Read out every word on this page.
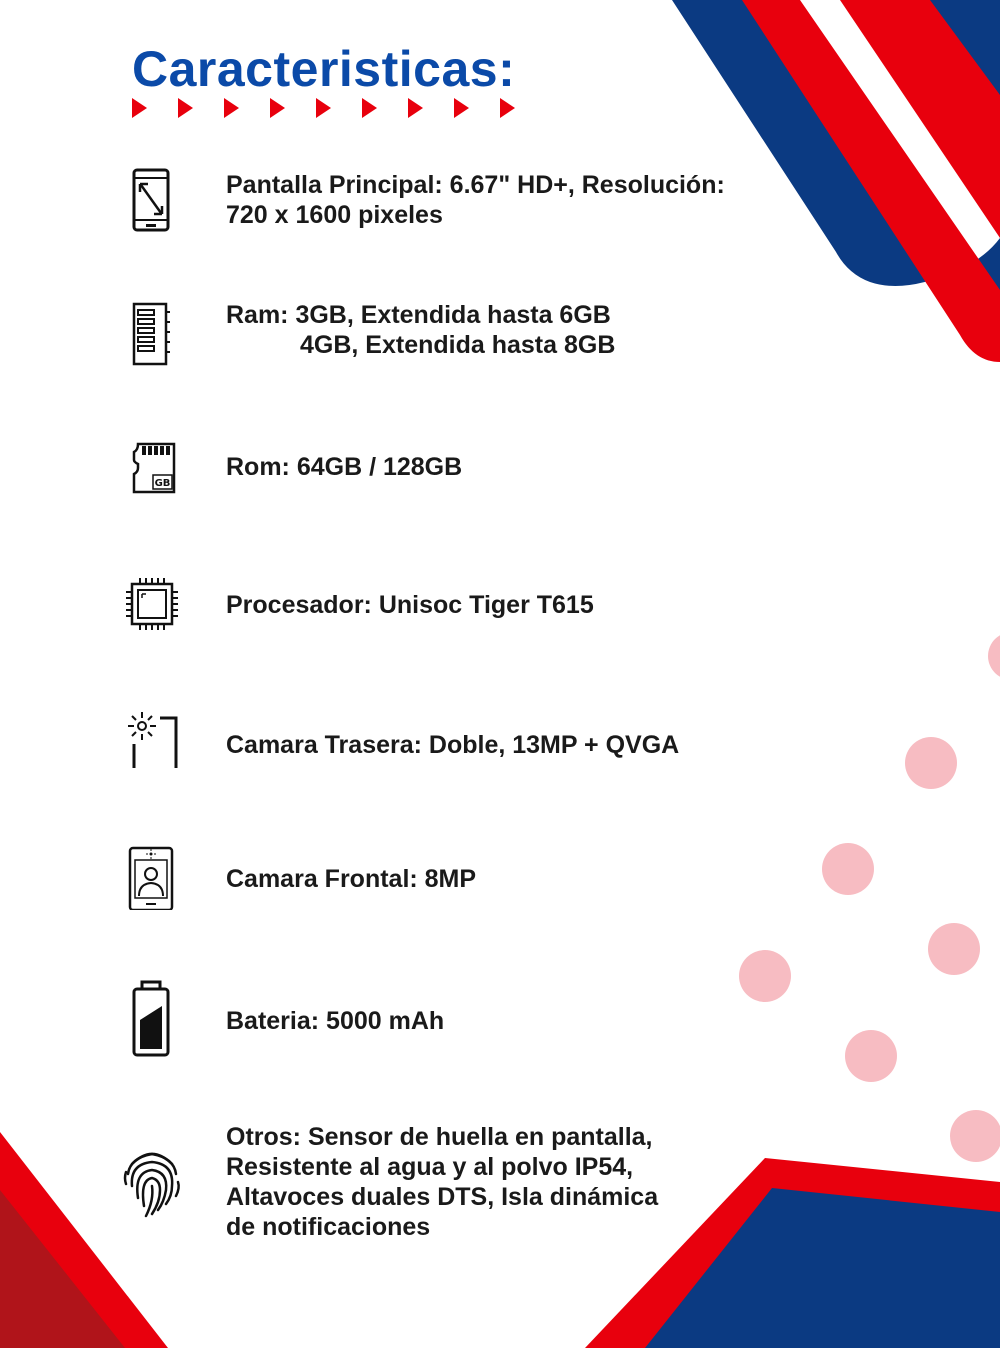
Caracteristicas:
Pantalla Principal: 6.67" HD+, Resolución:
720 x 1600 pixeles
Ram: 3GB, Extendida hasta 6GB
4GB, Extendida hasta 8GB
GB
Rom: 64GB / 128GB
Procesador: Unisoc Tiger T615
Camara Trasera: Doble, 13MP + QVGA
Camara Frontal: 8MP
Bateria: 5000 mAh
Otros: Sensor de huella en pantalla,
Resistente al agua y al polvo IP54,
Altavoces duales DTS, Isla dinámica
de notificaciones
